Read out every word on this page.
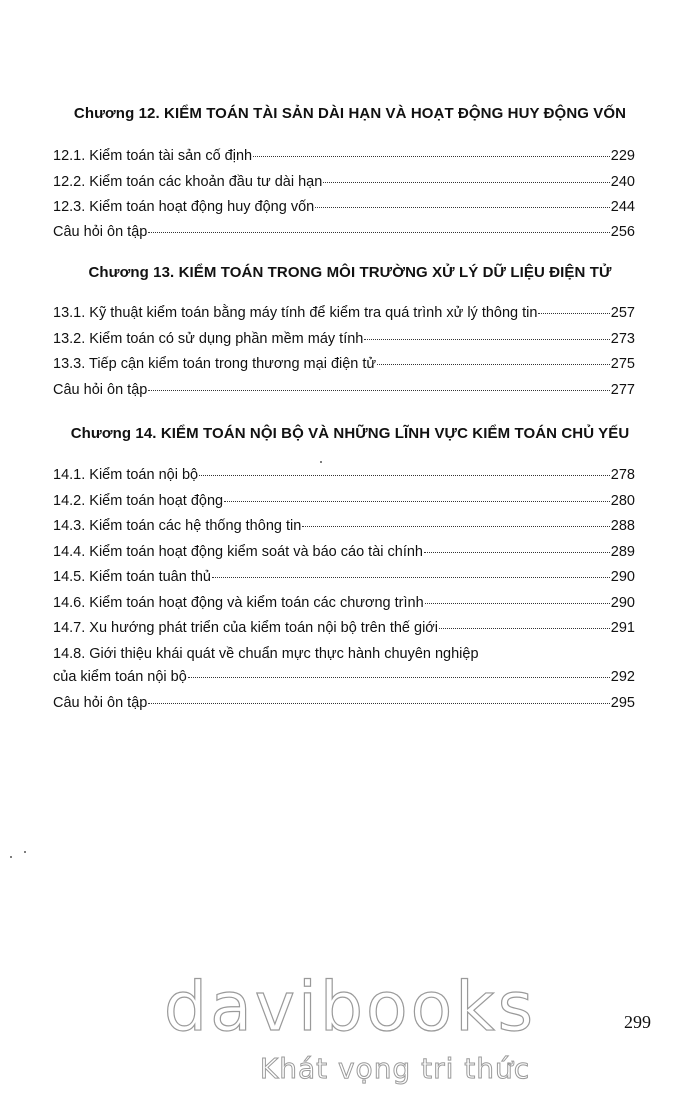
Chương 12. KIỂM TOÁN TÀI SẢN DÀI HẠN VÀ HOẠT ĐỘNG HUY ĐỘNG VỐN
12.1. Kiểm toán tài sản cố định	229
12.2. Kiểm toán các khoản đầu tư dài hạn	240
12.3. Kiểm toán hoạt động huy động vốn	244
Câu hỏi ôn tập	256
Chương 13. KIỂM TOÁN TRONG MÔI TRƯỜNG XỬ LÝ DỮ LIỆU ĐIỆN TỬ
13.1. Kỹ thuật kiểm toán bằng máy tính để kiểm tra quá trình xử lý thông tin	257
13.2. Kiểm toán có sử dụng phần mềm máy tính	273
13.3. Tiếp cận kiểm toán trong thương mại điện tử	275
Câu hỏi ôn tập	277
Chương 14. KIỂM TOÁN NỘI BỘ VÀ NHỮNG LĨNH VỰC KIỂM TOÁN CHỦ YẾU
14.1. Kiểm toán nội bộ	278
14.2. Kiểm toán hoạt động	280
14.3. Kiểm toán các hệ thống thông tin	288
14.4. Kiểm toán hoạt động kiểm soát và báo cáo tài chính	289
14.5. Kiểm toán tuân thủ	290
14.6. Kiểm toán hoạt động và kiểm toán các chương trình	290
14.7. Xu hướng phát triển của kiểm toán nội bộ trên thế giới	291
14.8. Giới thiệu khái quát về chuẩn mực thực hành chuyên nghiệp
của kiểm toán nội bộ	292
Câu hỏi ôn tập	295
davibooks	299
Khát vọng tri thức
